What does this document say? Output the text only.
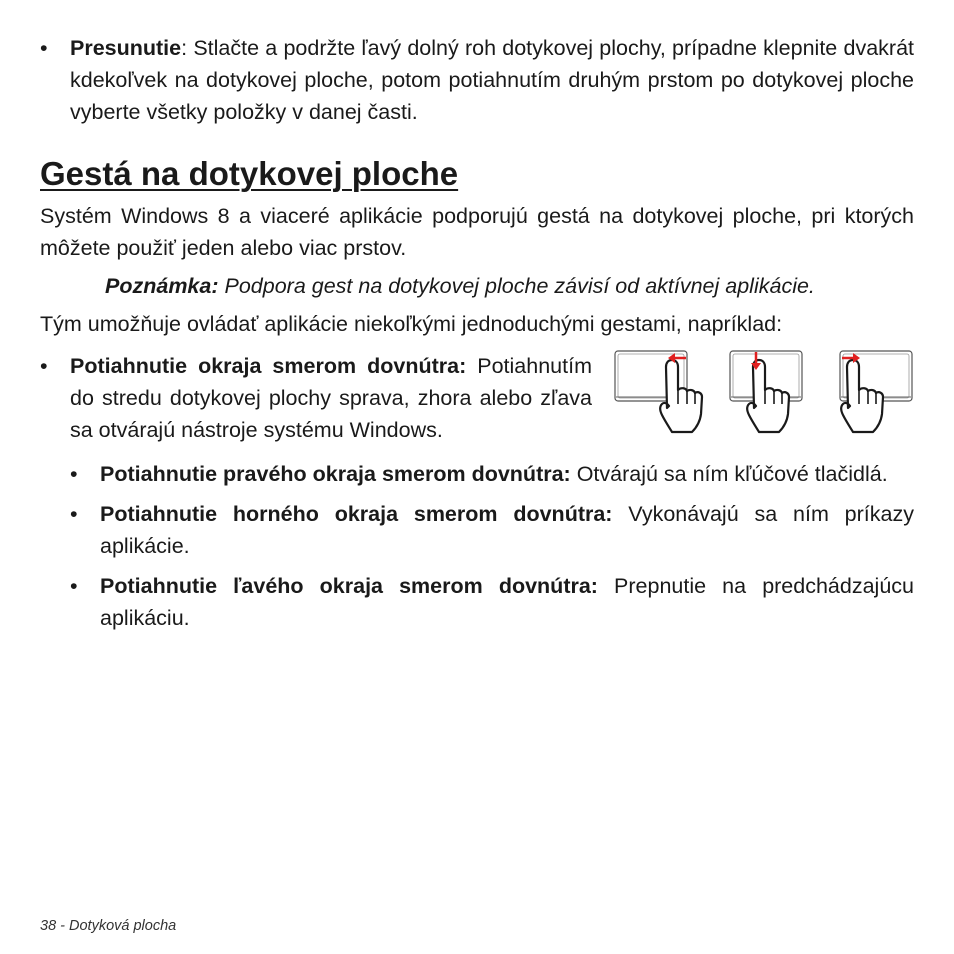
• Presunutie: Stlačte a podržte ľavý dolný roh dotykovej plochy, prípadne klepnite dvakrát kdekoľvek na dotykovej ploche, potom potiahnutím druhým prstom po dotykovej ploche vyberte všetky položky v danej časti.
Gestá na dotykovej ploche

Systém Windows 8 a viaceré aplikácie podporujú gestá na dotykovej ploche, pri ktorých môžete použiť jeden alebo viac prstov.

Poznámka: Podpora gest na dotykovej ploche závisí od aktívnej aplikácie.

Tým umožňuje ovládať aplikácie niekoľkými jednoduchými gestami, napríklad:

• Potiahnutie okraja smerom dovnútra: Potiahnutím do stredu dotykovej plochy sprava, zhora alebo zľava sa otvárajú nástroje systému Windows.
• Potiahnutie pravého okraja smerom dovnútra: Otvárajú sa ním kľúčové tlačidlá.
• Potiahnutie horného okraja smerom dovnútra: Vykonávajú sa ním príkazy aplikácie.
• Potiahnutie ľavého okraja smerom dovnútra: Prepnutie na predchádzajúcu aplikáciu.
38 - Dotyková plocha
